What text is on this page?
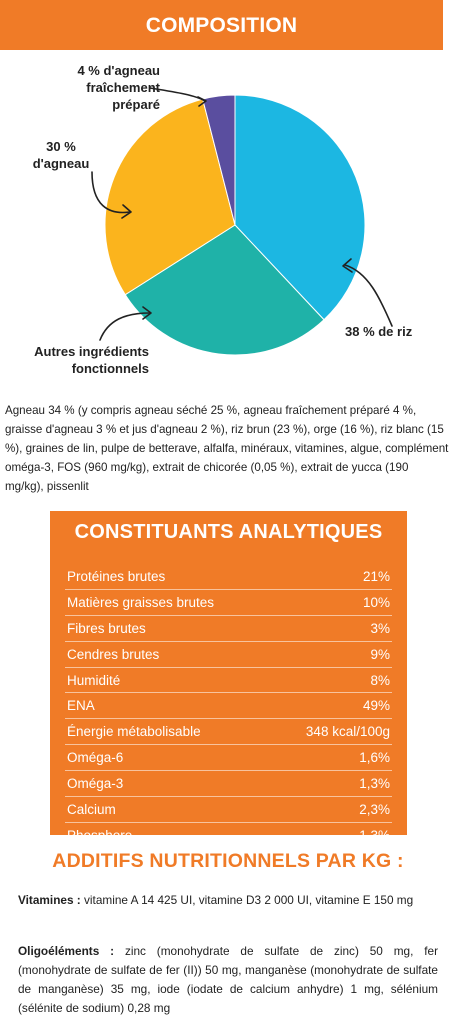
COMPOSITION
4 % d'agneau
fraîchement
préparé
30 %
d'agneau
38 % de riz
Autres ingrédients
fonctionnels
Agneau 34 % (y compris agneau séché 25 %, agneau fraîchement préparé 4 %, graisse d'agneau 3 % et jus d'agneau 2 %), riz brun (23 %), orge (16 %), riz blanc (15 %), graines de lin, pulpe de betterave, alfalfa, minéraux, vitamines, algue, complément oméga-3, FOS (960 mg/kg), extrait de chicorée (0,05 %), extrait de yucca (190 mg/kg), pissenlit
CONSTITUANTS ANALYTIQUES
Protéines brutes	21%
Matières graisses brutes	10%
Fibres brutes	3%
Cendres brutes	9%
Humidité	8%
ENA	49%
Énergie métabolisable	348 kcal/100g
Oméga-6	1,6%
Oméga-3	1,3%
Calcium	2,3%
Phosphore	1,3%
ADDITIFS NUTRITIONNELS PAR KG :
Vitamines : vitamine A 14 425 UI, vitamine D3 2 000 UI, vitamine E 150 mg
Oligoéléments : zinc (monohydrate de sulfate de zinc) 50 mg, fer (monohydrate de sulfate de fer (II)) 50 mg, manganèse (monohydrate de sulfate de manganèse) 35 mg, iode (iodate de calcium anhydre) 1 mg, sélénium (sélénite de sodium) 0,28 mg
